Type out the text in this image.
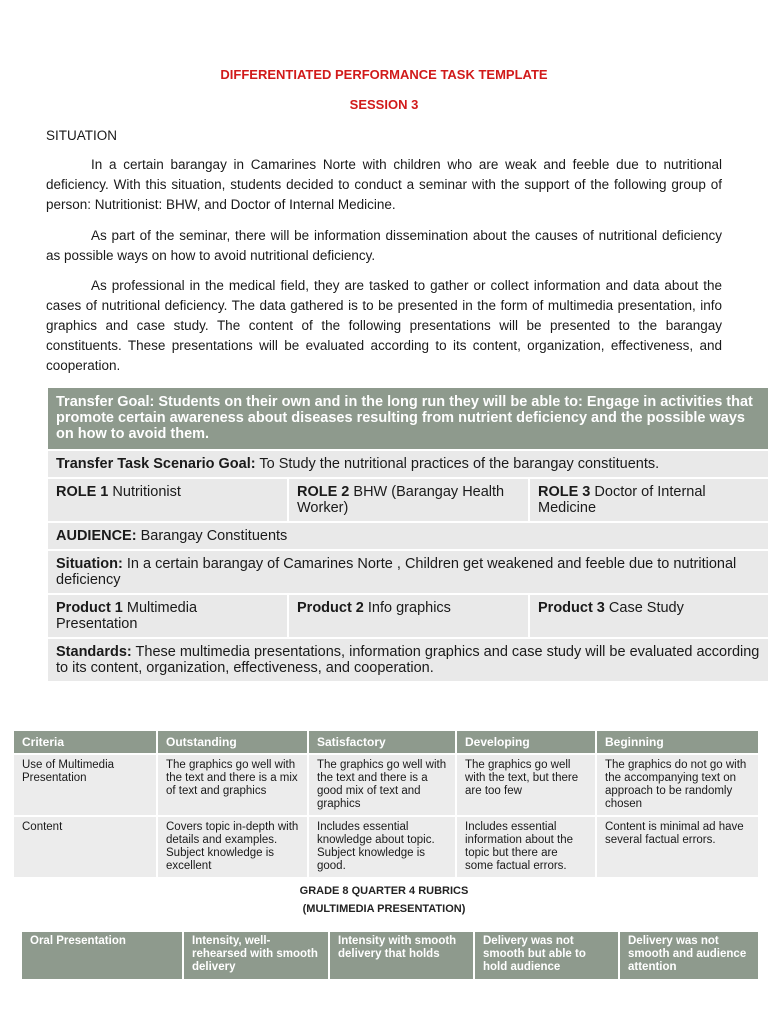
DIFFERENTIATED PERFORMANCE TASK TEMPLATE
SESSION 3
SITUATION

In a certain barangay in Camarines Norte with children who are weak and feeble due to nutritional deficiency. With this situation, students decided to conduct a seminar with the support of the following group of person: Nutritionist: BHW, and Doctor of Internal Medicine.

As part of the seminar, there will be information dissemination about the causes of nutritional deficiency as possible ways on how to avoid nutritional deficiency.

As professional in the medical field, they are tasked to gather or collect information and data about the cases of nutritional deficiency. The data gathered is to be presented in the form of multimedia presentation, info graphics and case study. The content of the following presentations will be presented to the barangay constituents. These presentations will be evaluated according to its content, organization, effectiveness, and cooperation.

Transfer Goal: Students on their own and in the long run they will be able to: Engage in activities that promote certain awareness about diseases resulting from nutrient deficiency and the possible ways on how to avoid them.		
Transfer Task Scenario Goal: To Study the nutritional practices of the barangay constituents.		
ROLE 1 Nutritionist	ROLE 2 BHW (Barangay Health Worker)	ROLE 3 Doctor of Internal Medicine
AUDIENCE: Barangay Constituents		
Situation: In a certain barangay of Camarines Norte , Children get weakened and feeble due to nutritional deficiency		
Product 1 Multimedia Presentation	Product 2 Info graphics	Product 3 Case Study
Standards: These multimedia presentations, information graphics and case study will be evaluated according to its content, organization, effectiveness, and cooperation.		
Criteria	Outstanding	Satisfactory	Developing	Beginning
Use of Multimedia Presentation	The graphics go well with the text and there is a mix of text and graphics	The graphics go well with the text and there is a good mix of text and graphics	The graphics go well with the text, but there are too few	The graphics do not go with the accompanying text on approach to be randomly chosen
Content	Covers topic in-depth with details and examples. Subject knowledge is excellent	Includes essential knowledge about topic. Subject knowledge is good.	Includes essential information about the topic but there are some factual errors.	Content is minimal ad have several factual errors.
GRADE 8 QUARTER 4 RUBRICS
(MULTIMEDIA PRESENTATION)
Oral Presentation	Intensity, well-rehearsed with smooth delivery	Intensity with smooth delivery that holds	Delivery was not smooth but able to hold audience	Delivery was not smooth and audience attention
